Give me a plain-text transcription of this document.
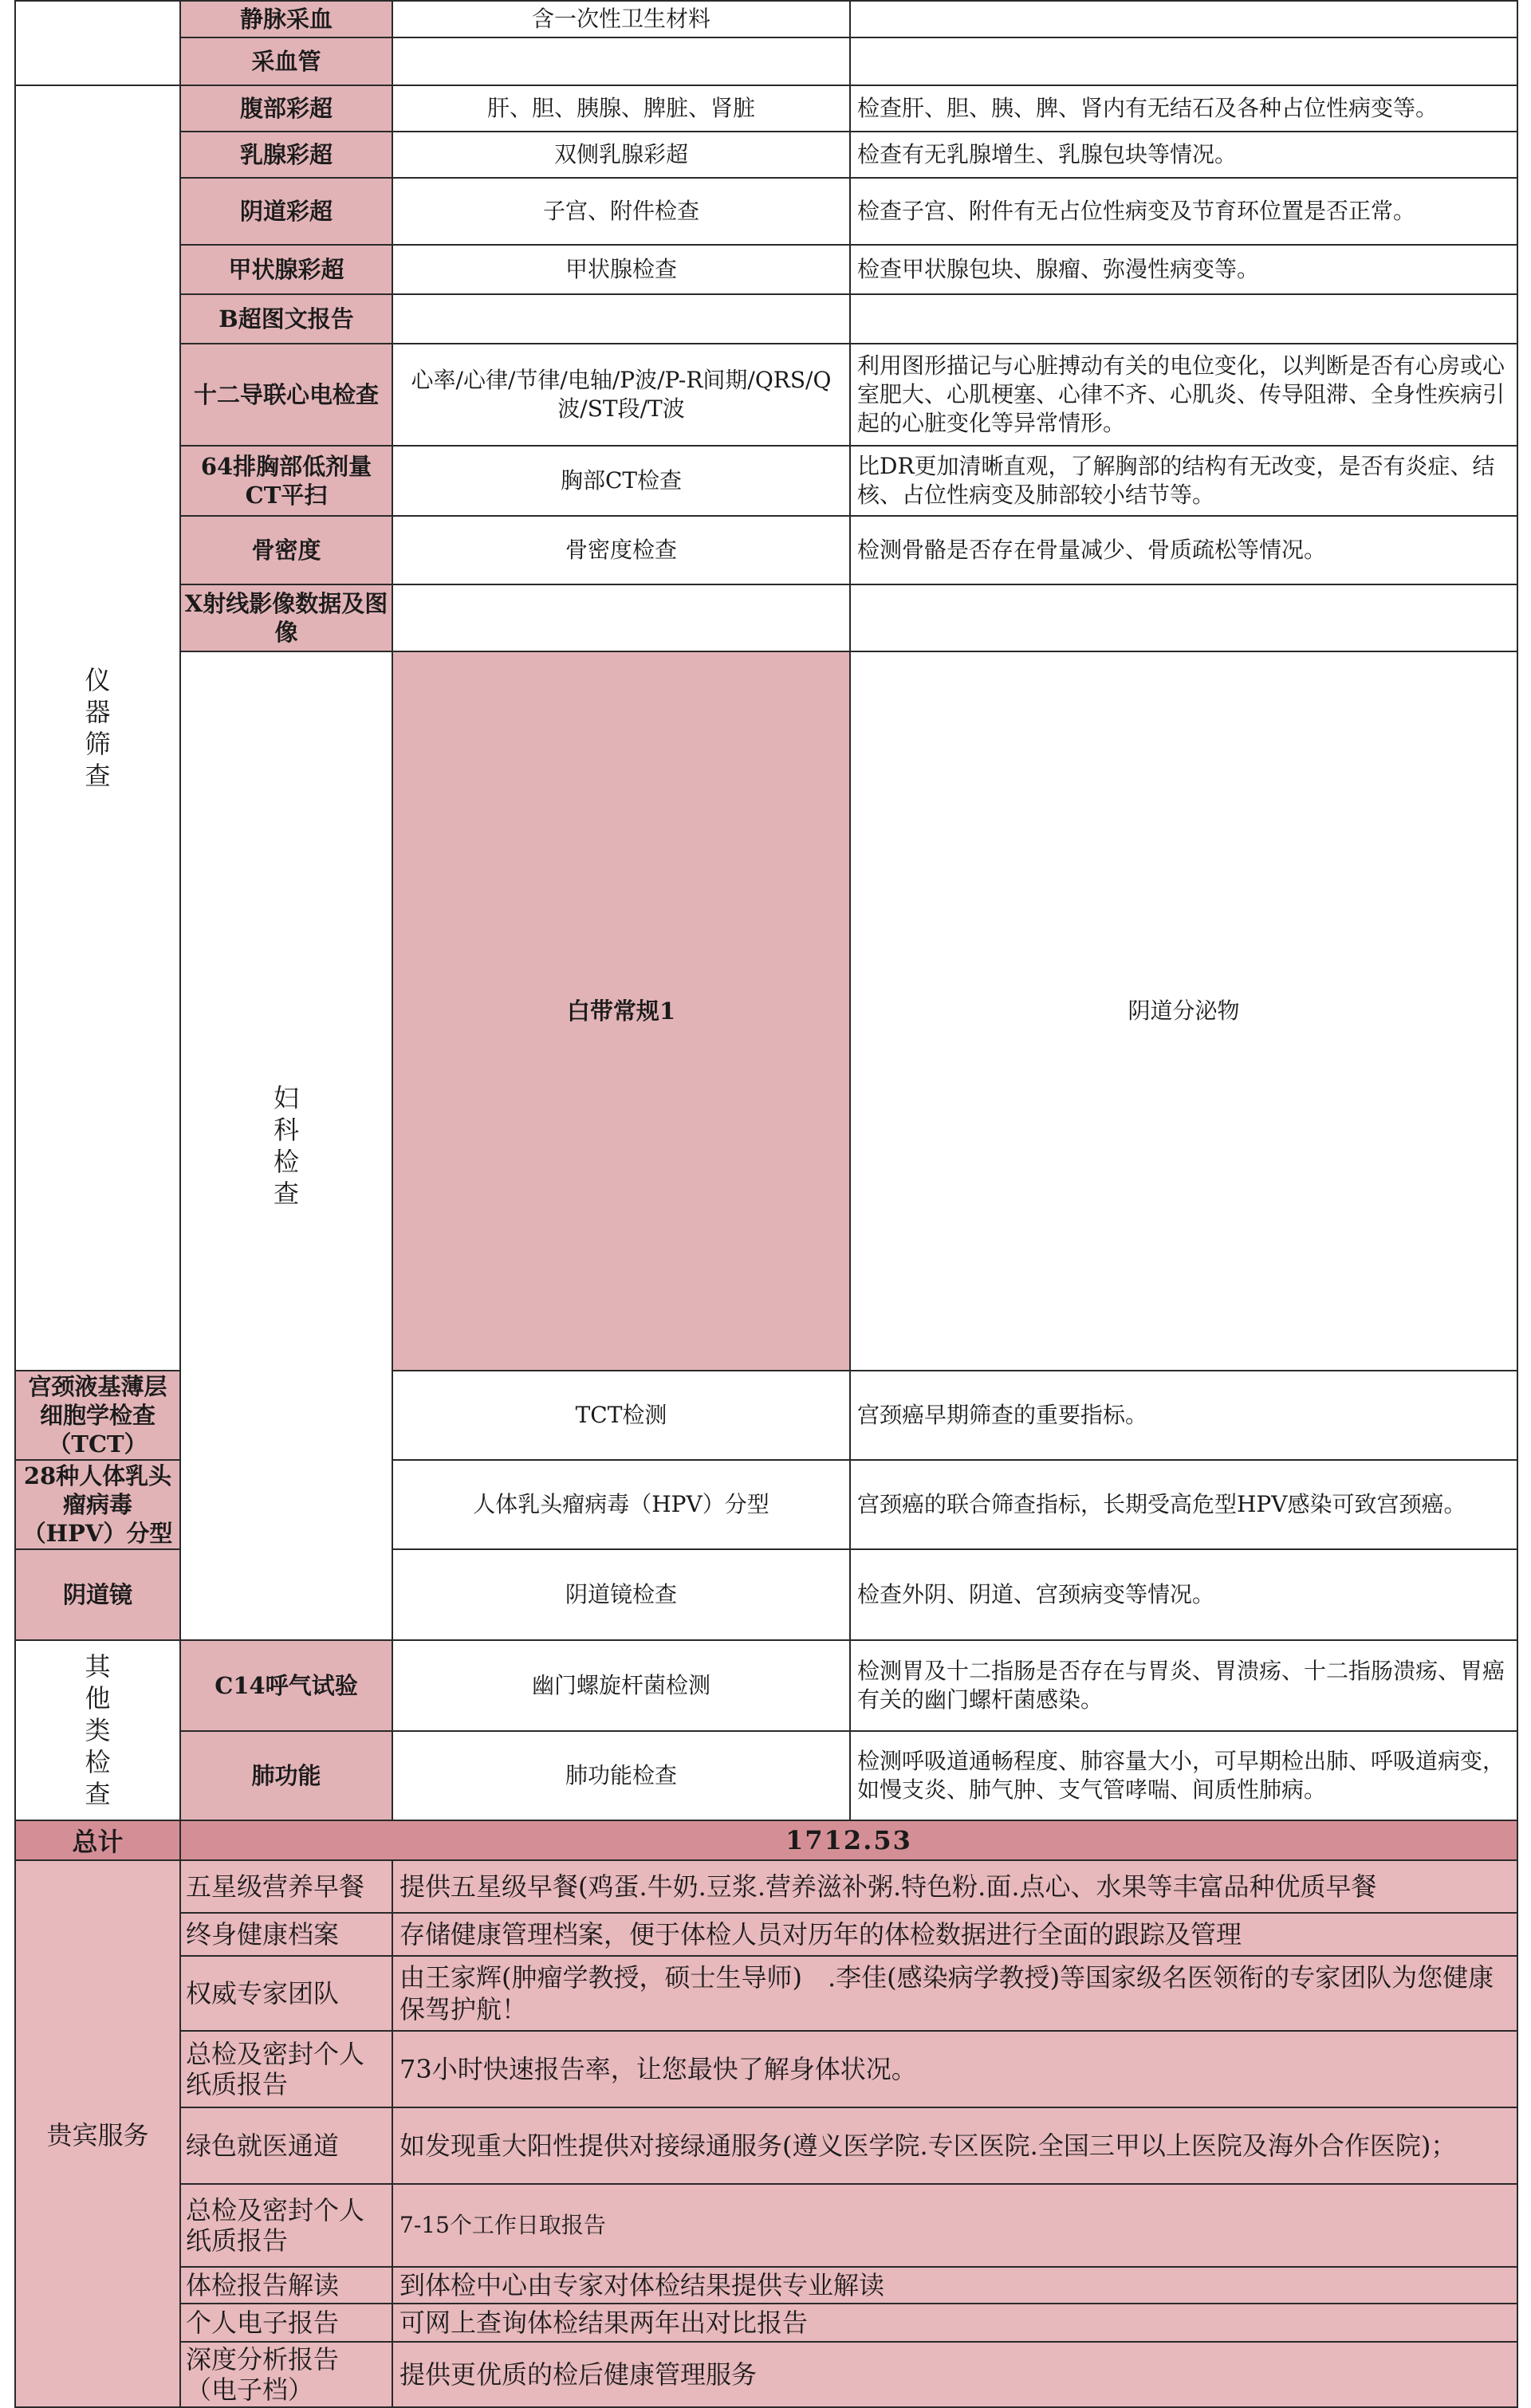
	静脉采血	含一次性卫生材料		
	采血管			
仪器筛查	腹部彩超	肝、胆、胰腺、脾脏、肾脏	检查肝、胆、胰、脾、肾内有无结石及各种占位性病变等。	
	乳腺彩超	双侧乳腺彩超	检查有无乳腺增生、乳腺包块等情况。	
	阴道彩超	子宫、附件检查	检查子宫、附件有无占位性病变及节育环位置是否正常。	
	甲状腺彩超	甲状腺检查	检查甲状腺包块、腺瘤、弥漫性病变等。	
	B超图文报告			
	十二导联心电检查	心率/心律/节律/电轴/P波/P-R间期/QRS/Q波/ST段/T波	利用图形描记与心脏搏动有关的电位变化，以判断是否有心房或心室肥大、心肌梗塞、心律不齐、心肌炎、传导阻滞、全身性疾病引起的心脏变化等异常情形。	
	64排胸部低剂量CT平扫	胸部CT检查	比DR更加清晰直观，了解胸部的结构有无改变，是否有炎症、结核、占位性病变及肺部较小结节等。	
	骨密度	骨密度检查	检测骨骼是否存在骨量减少、骨质疏松等情况。	
	X射线影像数据及图像			
	妇科检查	白带常规1	阴道分泌物	
宫颈液基薄层细胞学检查（TCT）		TCT检测	宫颈癌早期筛查的重要指标。	
28种人体乳头瘤病毒（HPV）分型		人体乳头瘤病毒（HPV）分型	宫颈癌的联合筛查指标，长期受高危型HPV感染可致宫颈癌。	
阴道镜		阴道镜检查	检查外阴、阴道、宫颈病变等情况。	
其他类检查	C14呼气试验	幽门螺旋杆菌检测	检测胃及十二指肠是否存在与胃炎、胃溃疡、十二指肠溃疡、胃癌有关的幽门螺杆菌感染。	
	肺功能	肺功能检查	检测呼吸道通畅程度、肺容量大小，可早期检出肺、呼吸道病变，如慢支炎、肺气肿、支气管哮喘、间质性肺病。	
总计	1712.53			
贵宾服务	五星级营养早餐	提供五星级早餐(鸡蛋.牛奶.豆浆.营养滋补粥.特色粉.面.点心、水果等丰富品种优质早餐		
	终身健康档案	存储健康管理档案，便于体检人员对历年的体检数据进行全面的跟踪及管理		
	权威专家团队	由王家辉(肿瘤学教授，硕士生导师)　.李佳(感染病学教授)等国家级名医领衔的专家团队为您健康保驾护航！		
	总检及密封个人纸质报告	73小时快速报告率，让您最快了解身体状况。		
	绿色就医通道	如发现重大阳性提供对接绿通服务(遵义医学院.专区医院.全国三甲以上医院及海外合作医院)；		
	总检及密封个人纸质报告	7-15个工作日取报告		
	体检报告解读	到体检中心由专家对体检结果提供专业解读		
	个人电子报告	可网上查询体检结果两年出对比报告		
	深度分析报告（电子档）	提供更优质的检后健康管理服务		
